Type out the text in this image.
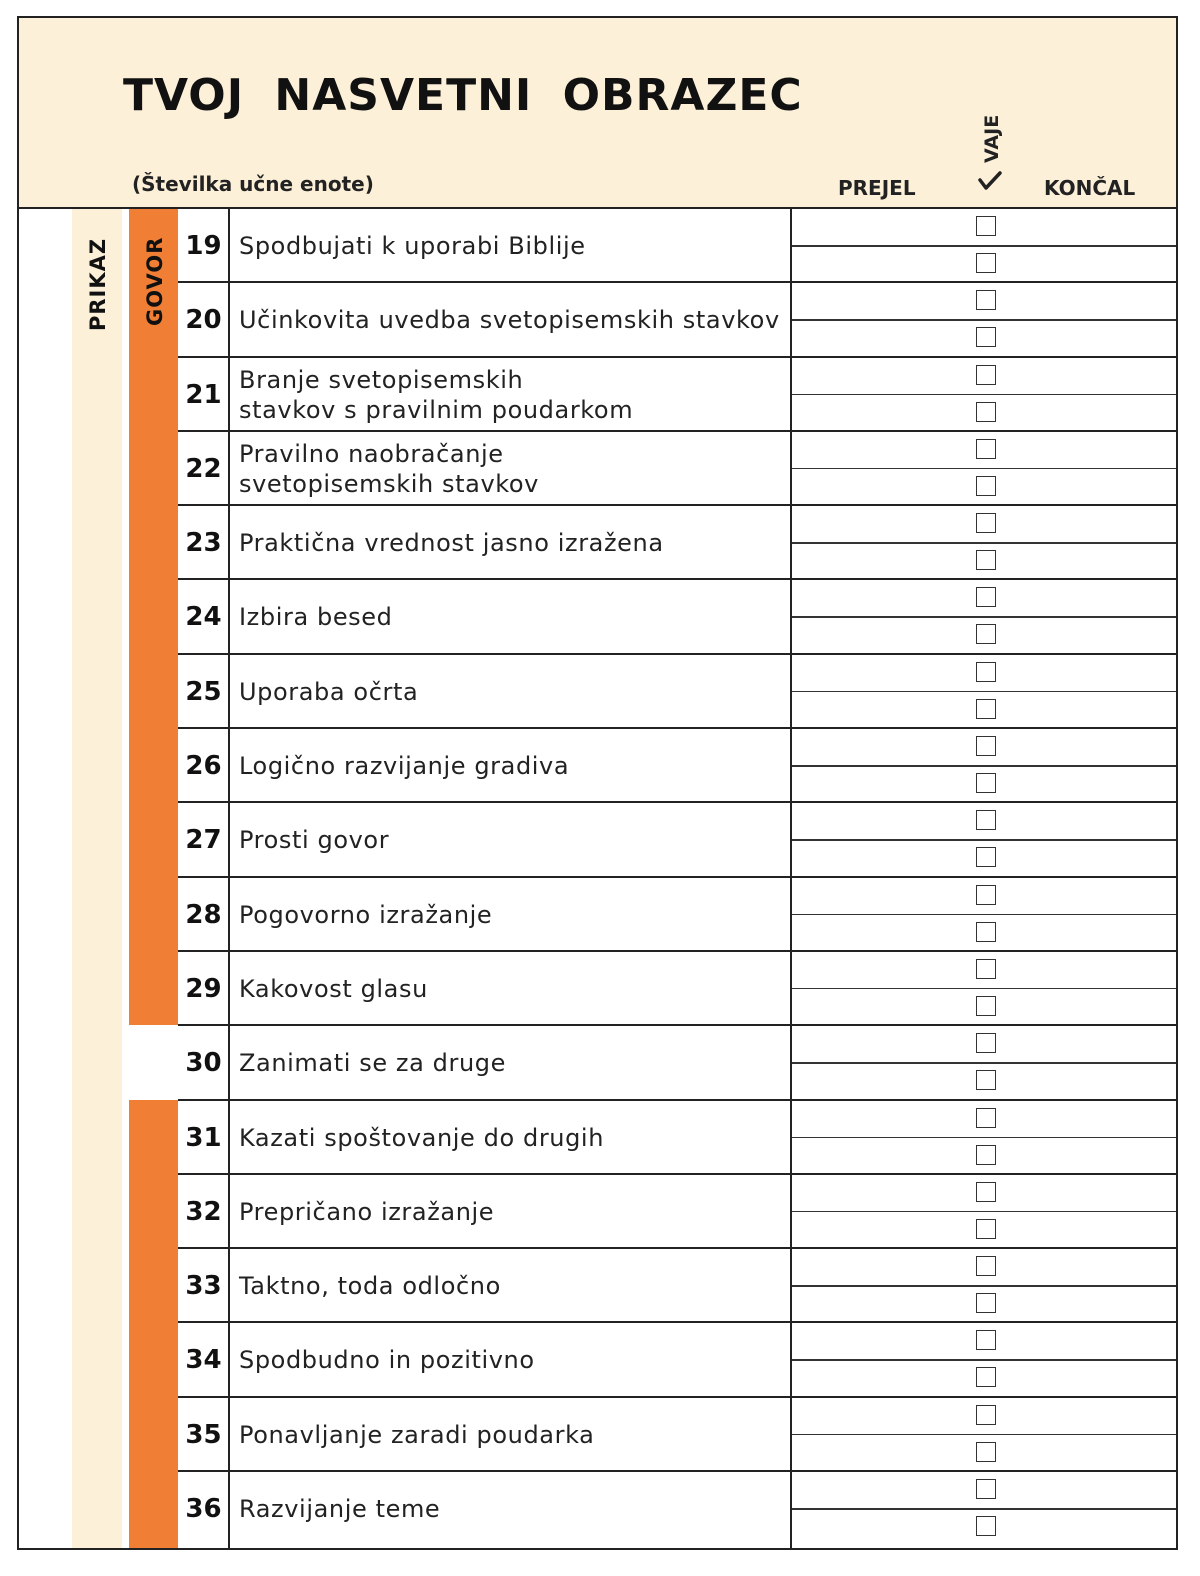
TVOJ NASVETNI OBRAZEC
(Številka učne enote)	PREJEL
VAJE
KONČAL
PRIKAZ GOVOR 19 Spodbujati k uporabi Biblije
20 Učinkovita uvedba svetopisemskih stavkov
21 Branje svetopisemskih
stavkov s pravilnim poudarkom
22 Pravilno naobračanje
svetopisemskih stavkov
23 Praktična vrednost jasno izražena
24 Izbira besed
25 Uporaba očrta
26 Logično razvijanje gradiva
27 Prosti govor
28 Pogovorno izražanje
29 Kakovost glasu
30 Zanimati se za druge
31 Kazati spoštovanje do drugih
32 Prepričano izražanje
33 Taktno, toda odločno
34 Spodbudno in pozitivno
35 Ponavljanje zaradi poudarka
36 Razvijanje teme
